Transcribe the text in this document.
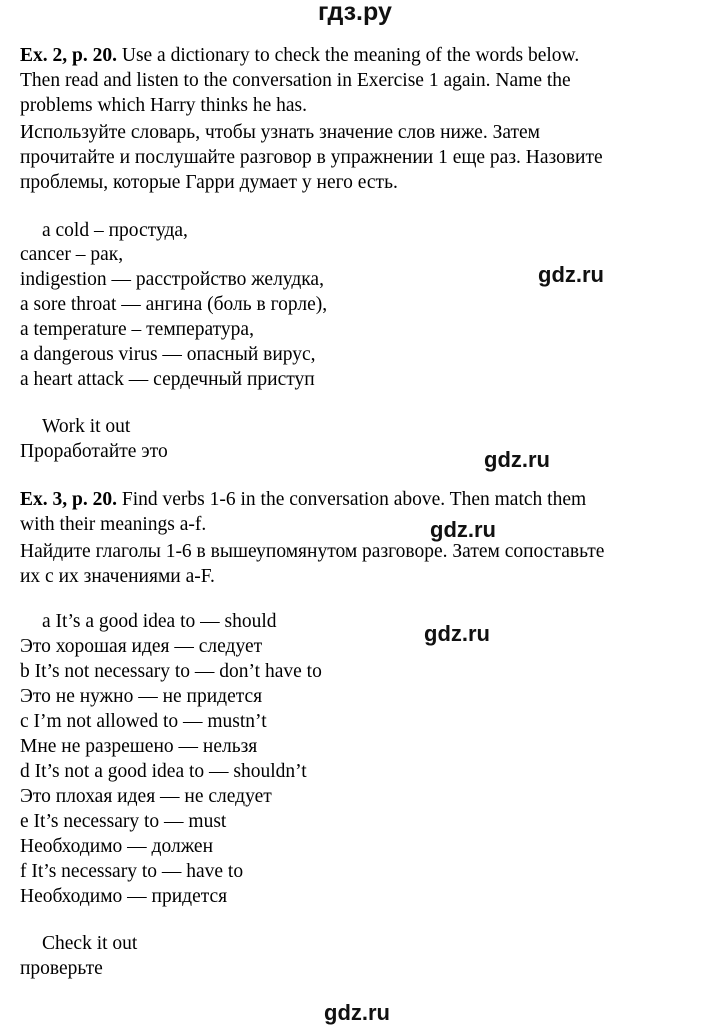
гдз.ру
Ex. 2, p. 20. Use a dictionary to check the meaning of the words below.
Then read and listen to the conversation in Exercise 1 again. Name the
problems which Harry thinks he has.
Используйте словарь, чтобы узнать значение слов ниже. Затем
прочитайте и послушайте разговор в упражнении 1 еще раз. Назовите
проблемы, которые Гарри думает у него есть.
a cold – простуда,
cancer – рак,
indigestion — расстройство желудка,
a sore throat — ангина (боль в горле),
a temperature – температура,
a dangerous virus — опасный вирус,
a heart attack — сердечный приступ
gdz.ru
Work it out
Проработайте это	gdz.ru
Ex. 3, p. 20. Find verbs 1-6 in the conversation above. Then match them
with their meanings a-f.	gdz.ru
Найдите глаголы 1-6 в вышеупомянутом разговоре. Затем сопоставьте
их с их значениями a-F.
a It’s a good idea to — should
Это хорошая идея — следует
b It’s not necessary to — don’t have to
Это не нужно — не придется
c I’m not allowed to — mustn’t
Мне не разрешено — нельзя
d It’s not a good idea to — shouldn’t
Это плохая идея — не следует
e It’s necessary to — must
Необходимо — должен
f It’s necessary to — have to
Необходимо — придется
gdz.ru
Check it out
проверьте
gdz.ru
